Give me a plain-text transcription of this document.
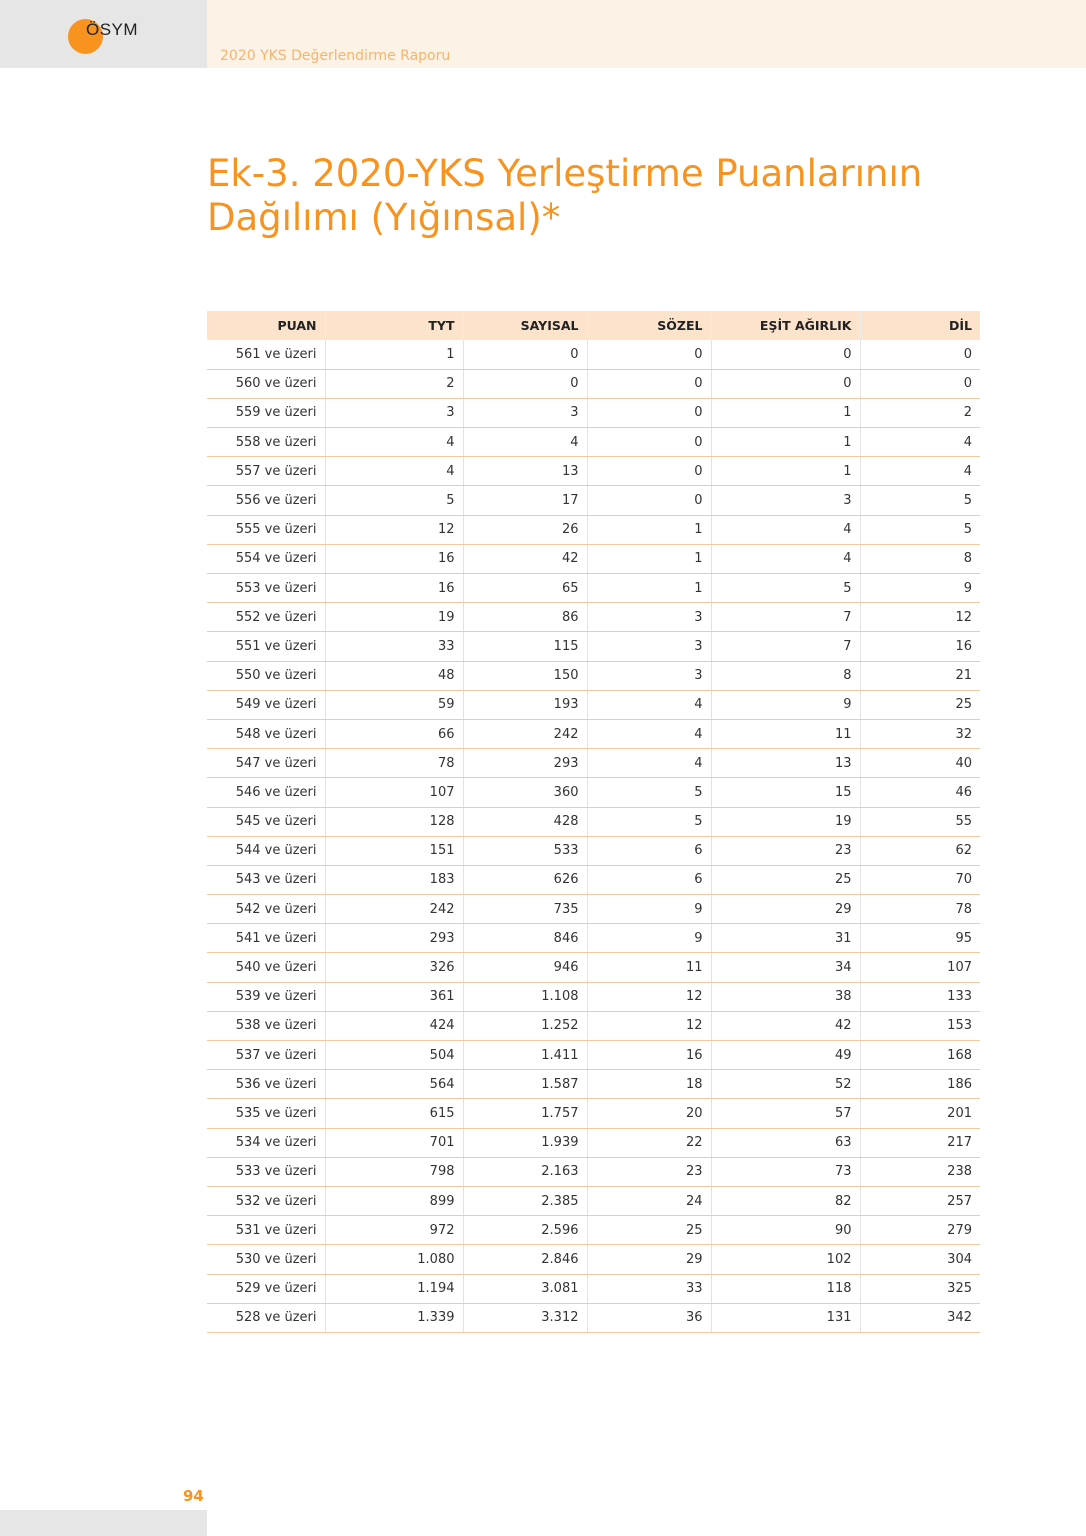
ÖSYM
2020 YKS Değerlendirme Raporu
Ek-3. 2020-YKS Yerleştirme Puanlarının Dağılımı (Yığınsal)*
PUAN	TYT	SAYISAL	SÖZEL	EŞİT AĞIRLIK	DİL
561 ve üzeri	1	0	0	0	0
560 ve üzeri	2	0	0	0	0
559 ve üzeri	3	3	0	1	2
558 ve üzeri	4	4	0	1	4
557 ve üzeri	4	13	0	1	4
556 ve üzeri	5	17	0	3	5
555 ve üzeri	12	26	1	4	5
554 ve üzeri	16	42	1	4	8
553 ve üzeri	16	65	1	5	9
552 ve üzeri	19	86	3	7	12
551 ve üzeri	33	115	3	7	16
550 ve üzeri	48	150	3	8	21
549 ve üzeri	59	193	4	9	25
548 ve üzeri	66	242	4	11	32
547 ve üzeri	78	293	4	13	40
546 ve üzeri	107	360	5	15	46
545 ve üzeri	128	428	5	19	55
544 ve üzeri	151	533	6	23	62
543 ve üzeri	183	626	6	25	70
542 ve üzeri	242	735	9	29	78
541 ve üzeri	293	846	9	31	95
540 ve üzeri	326	946	11	34	107
539 ve üzeri	361	1.108	12	38	133
538 ve üzeri	424	1.252	12	42	153
537 ve üzeri	504	1.411	16	49	168
536 ve üzeri	564	1.587	18	52	186
535 ve üzeri	615	1.757	20	57	201
534 ve üzeri	701	1.939	22	63	217
533 ve üzeri	798	2.163	23	73	238
532 ve üzeri	899	2.385	24	82	257
531 ve üzeri	972	2.596	25	90	279
530 ve üzeri	1.080	2.846	29	102	304
529 ve üzeri	1.194	3.081	33	118	325
528 ve üzeri	1.339	3.312	36	131	342
94
